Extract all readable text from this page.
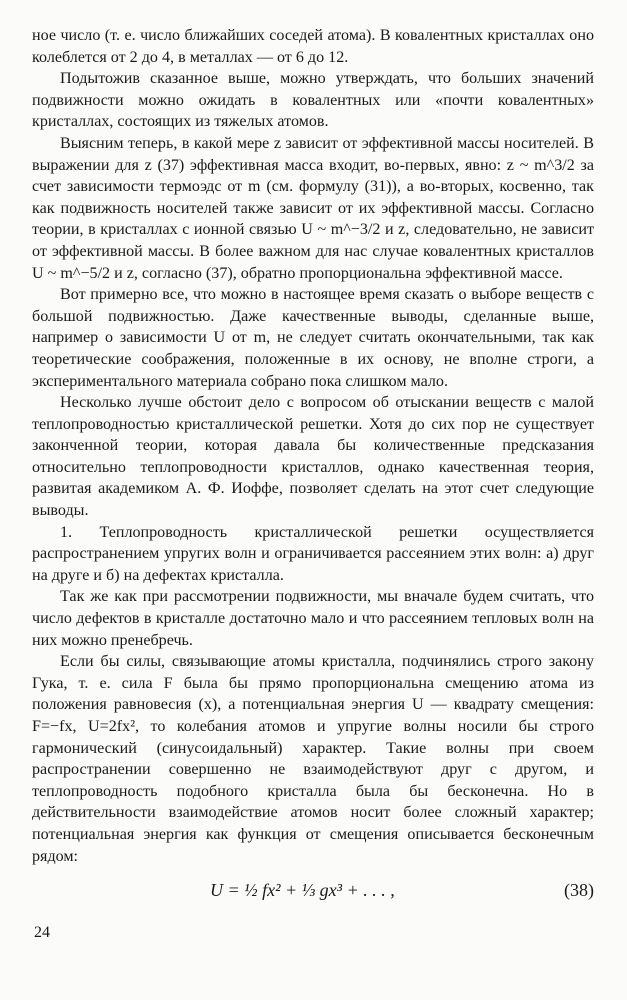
ное число (т. е. число ближайших соседей атома). В ковалентных кристаллах оно колеблется от 2 до 4, в металлах — от 6 до 12.

Подытожив сказанное выше, можно утверждать, что больших значений подвижности можно ожидать в ковалентных или «почти ковалентных» кристаллах, состоящих из тяжелых атомов.

Выясним теперь, в какой мере z зависит от эффективной массы носителей. В выражении для z (37) эффективная масса входит, во-первых, явно: z ~ m^3/2 за счет зависимости термоэдс от m (см. формулу (31)), а во-вторых, косвенно, так как подвижность носителей также зависит от их эффективной массы. Согласно теории, в кристаллах с ионной связью U ~ m^−3/2 и z, следовательно, не зависит от эффективной массы. В более важном для нас случае ковалентных кристаллов U ~ m^−5/2 и z, согласно (37), обратно пропорциональна эффективной массе.

Вот примерно все, что можно в настоящее время сказать о выборе веществ с большой подвижностью. Даже качественные выводы, сделанные выше, например о зависимости U от m, не следует считать окончательными, так как теоретические соображения, положенные в их основу, не вполне строги, а экспериментального материала собрано пока слишком мало.

Несколько лучше обстоит дело с вопросом об отыскании веществ с малой теплопроводностью кристаллической решетки. Хотя до сих пор не существует законченной теории, которая давала бы количественные предсказания относительно теплопроводности кристаллов, однако качественная теория, развитая академиком А. Ф. Иоффе, позволяет сделать на этот счет следующие выводы.

1. Теплопроводность кристаллической решетки осуществляется распространением упругих волн и ограничивается рассеянием этих волн: а) друг на друге и б) на дефектах кристалла.

Так же как при рассмотрении подвижности, мы вначале будем считать, что число дефектов в кристалле достаточно мало и что рассеянием тепловых волн на них можно пренебречь.

Если бы силы, связывающие атомы кристалла, подчинялись строго закону Гука, т. е. сила F была бы прямо пропорциональна смещению атома из положения равновесия (x), а потенциальная энергия U — квадрату смещения: F=−fx, U=2fx², то колебания атомов и упругие волны носили бы строго гармонический (синусоидальный) характер. Такие волны при своем распространении совершенно не взаимодействуют друг с другом, и теплопроводность подобного кристалла была бы бесконечна. Но в действительности взаимодействие атомов носит более сложный характер; потенциальная энергия как функция от смещения описывается бесконечным рядом:

U = ½ fx² + ⅓ gx³ + . . . ,	(38)
24
